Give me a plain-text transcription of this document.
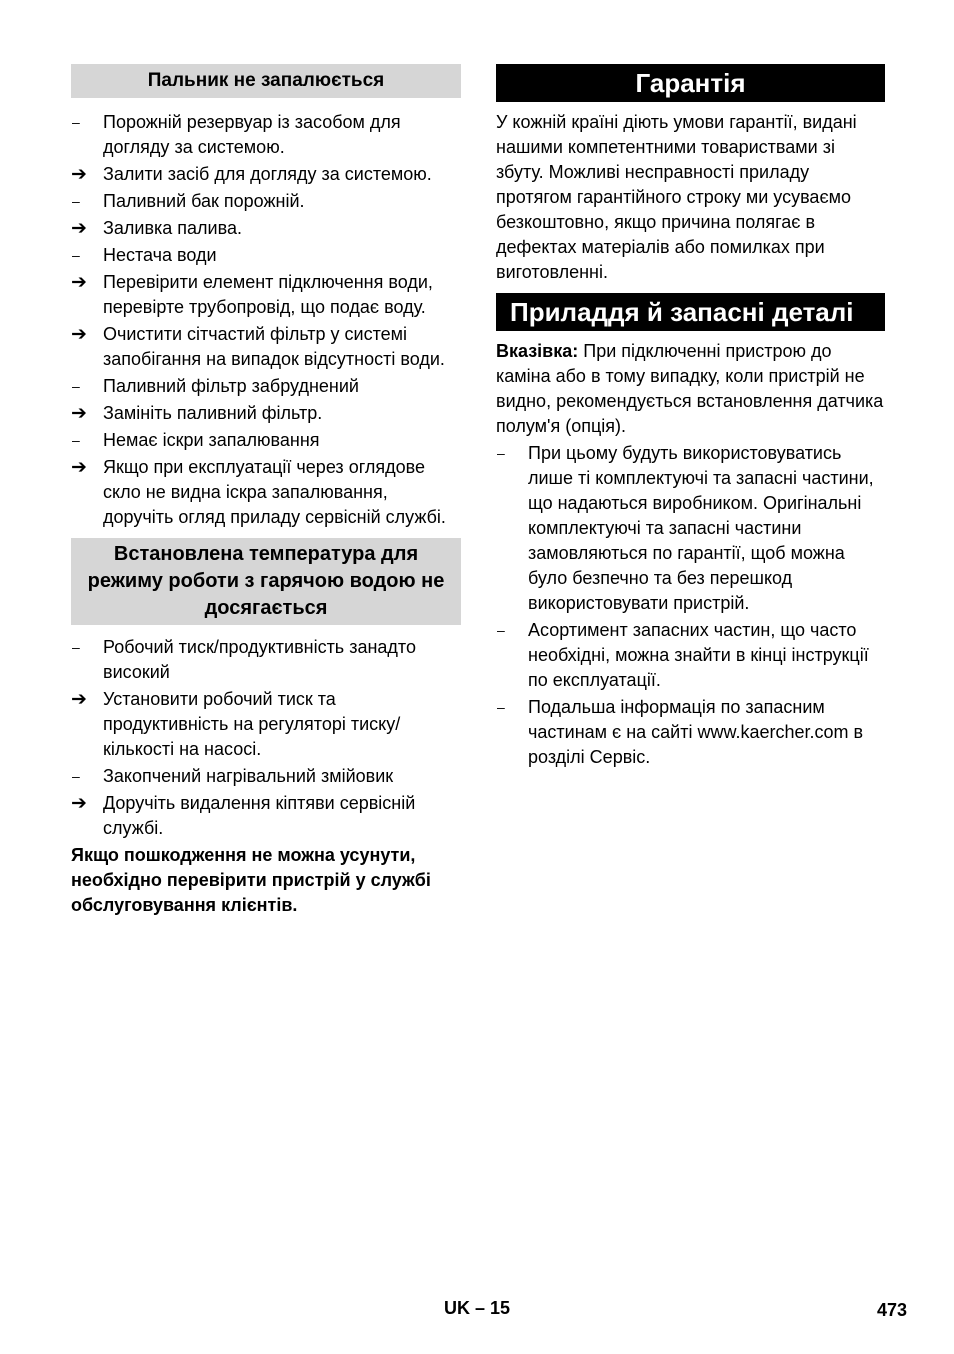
Пальник не запалюється
–	Порожній резервуар із засобом для догляду за системою.
➔ Залити засіб для догляду за системою.
–	Паливний бак порожній.
➔ Заливка палива.
–	Нестача води
➔ Перевірити елемент підключення води, перевірте трубопровід, що подає воду.
➔ Очистити сітчастий фільтр у системі запобігання на випадок відсутності води.
–	Паливний фільтр забруднений
➔ Замініть паливний фільтр.
–	Немає іскри запалювання
➔ Якщо при експлуатації через оглядове скло не видна іскра запалювання, доручіть огляд приладу сервісній службі.
Встановлена температура для режиму роботи з гарячою водою не досягається
–	Робочий тиск/продуктивність занадто високий
➔ Установити робочий тиск та продуктивність на регуляторі тиску/кількості на насосі.
–	Закопчений нагрівальний змійовик
➔ Доручіть видалення кіптяви сервісній службі.

Якщо пошкодження не можна усунути, необхідно перевірити пристрій у службі обслуговування клієнтів.

Гарантія

У кожній країні діють умови гарантії, видані нашими компетентними товариствами зі збуту. Можливі несправності приладу протягом гарантійного строку ми усуваємо безкоштовно, якщо причина полягає в дефектах матеріалів або помилках при виготовленні.

Приладдя й запасні деталі

Вказівка: При підключенні пристрою до каміна або в тому випадку, коли пристрій не видно, рекомендується встановлення датчика полум'я (опція).

–	При цьому будуть використовуватись лише ті комплектуючі та запасні частини, що надаються виробником. Оригінальні комплектуючі та запасні частини замовляються по гарантії, щоб можна було безпечно та без перешкод використовувати пристрій.
–	Асортимент запасних частин, що часто необхідні, можна знайти в кінці інструкції по експлуатації.
–	Подальша інформація по запасним частинам є на сайті www.kaercher.com в розділі Сервіс.
UK – 15	473
